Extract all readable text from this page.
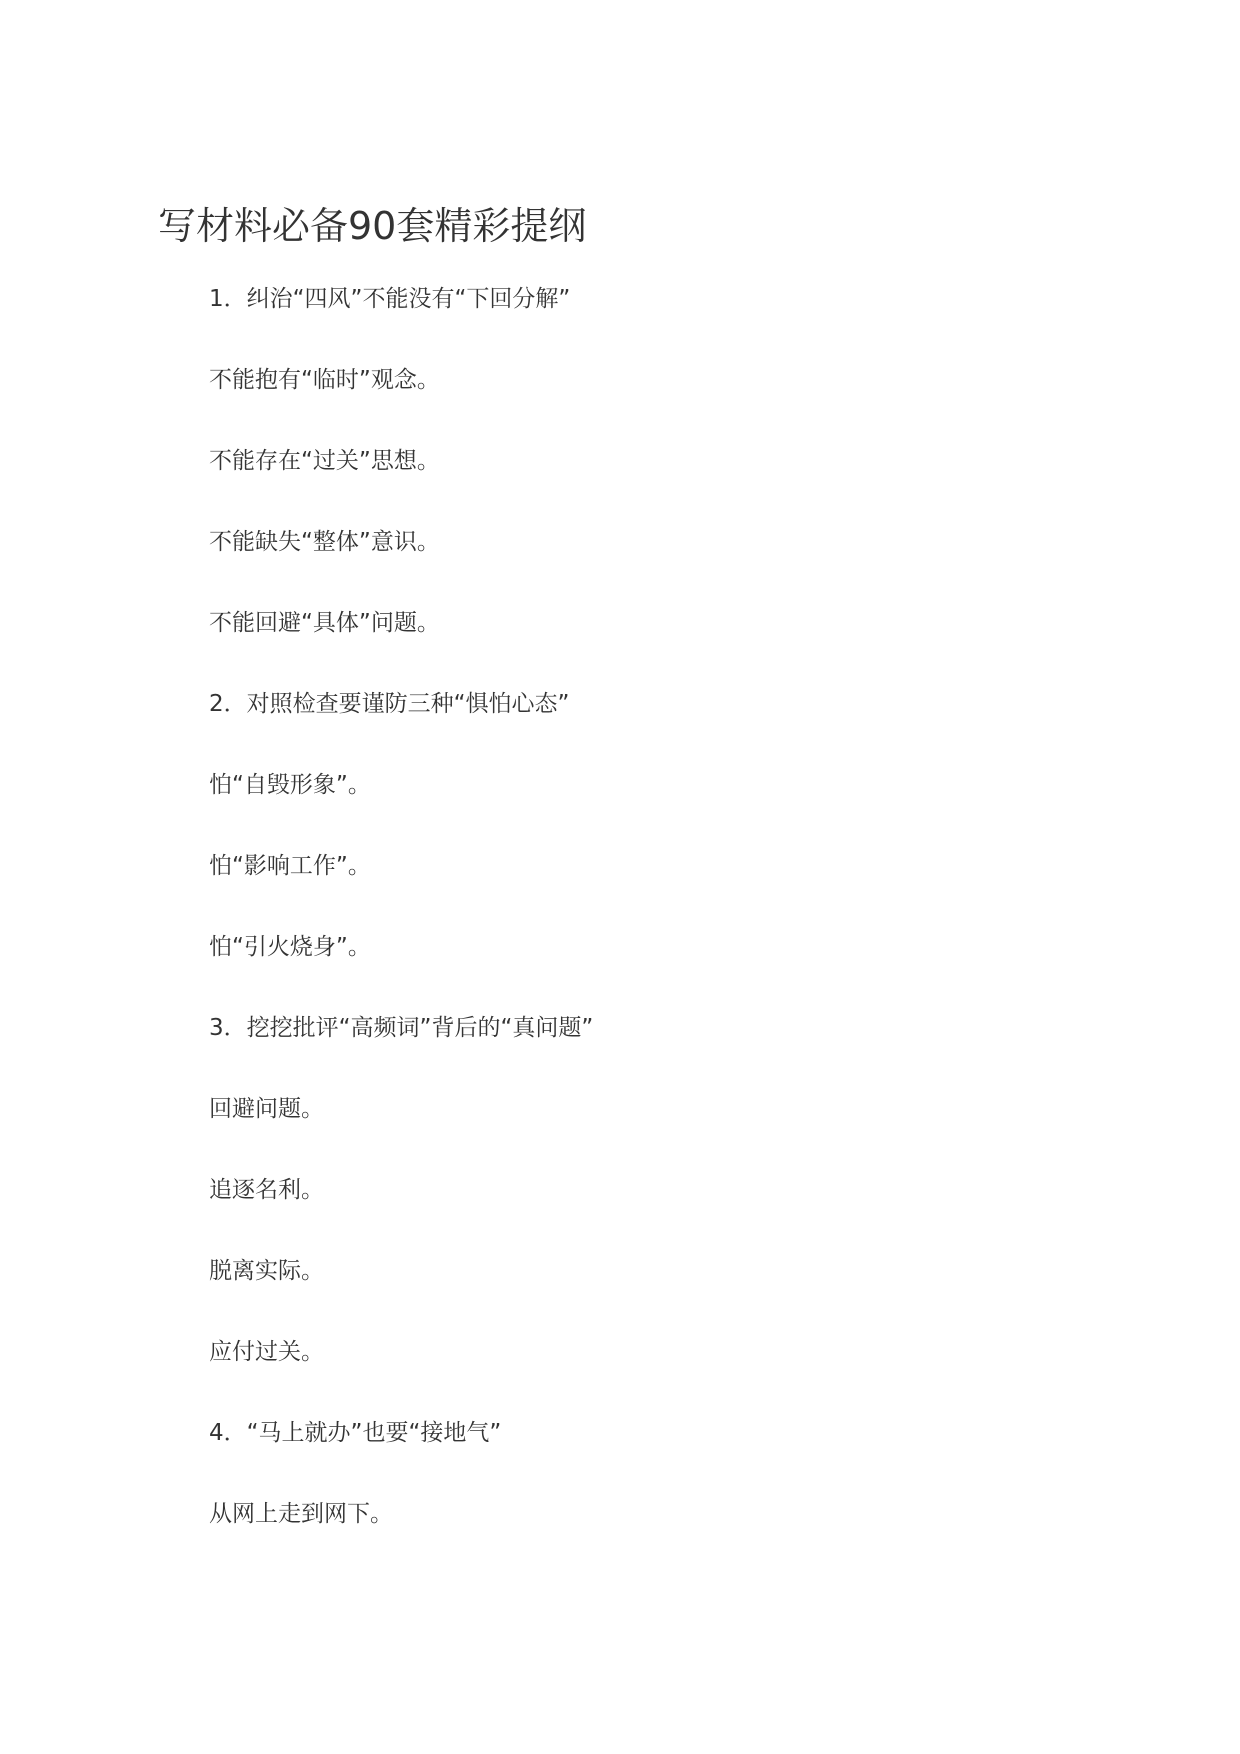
写材料必备90套精彩提纲

1．纠治“四风”不能没有“下回分解”

不能抱有“临时”观念。

不能存在“过关”思想。

不能缺失“整体”意识。

不能回避“具体”问题。

2．对照检查要谨防三种“惧怕心态”

怕“自毁形象”。

怕“影响工作”。

怕“引火烧身”。

3．挖挖批评“高频词”背后的“真问题”

回避问题。

追逐名利。

脱离实际。

应付过关。

4．“马上就办”也要“接地气”

从网上走到网下。
